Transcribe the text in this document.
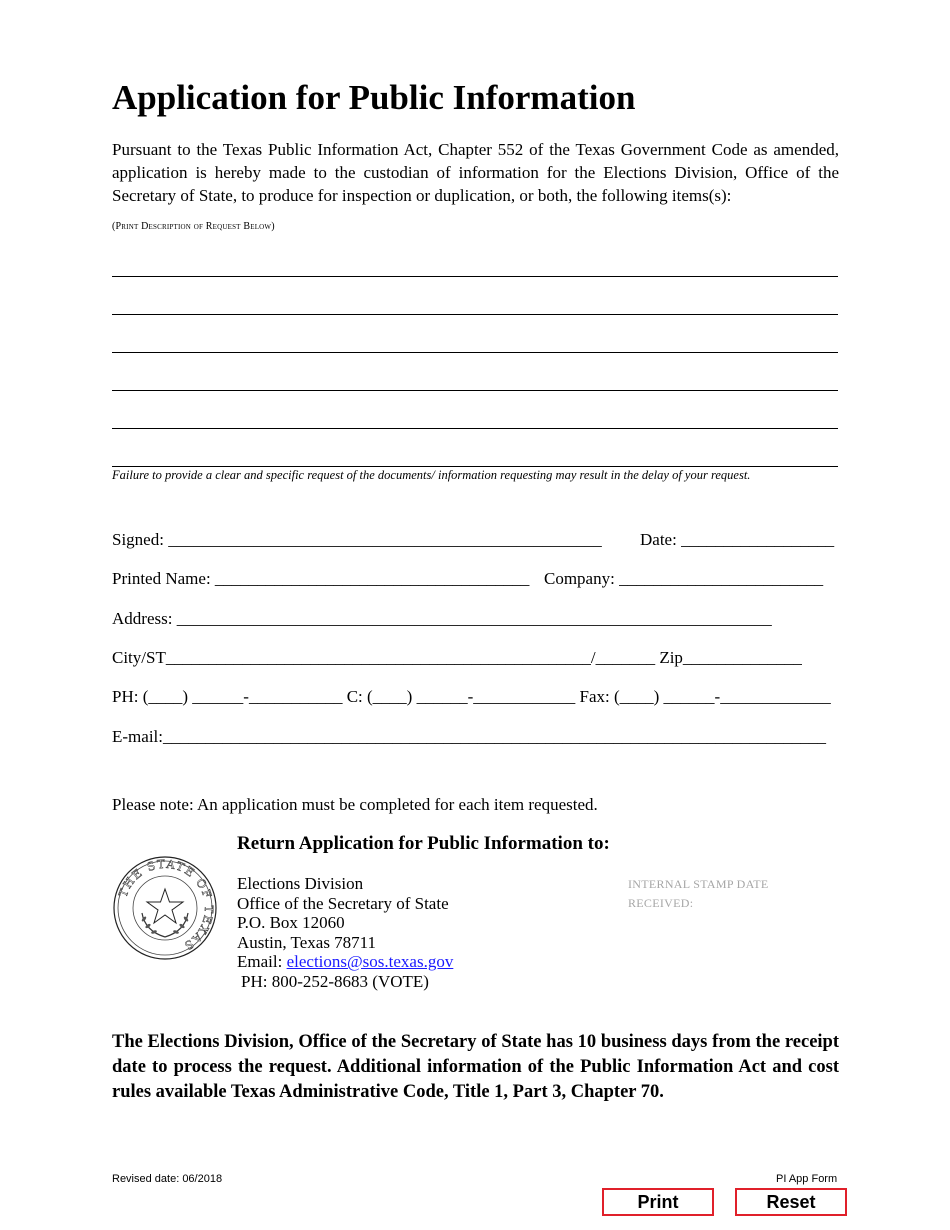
Application for Public Information
Pursuant to the Texas Public Information Act, Chapter 552 of the Texas Government Code as amended, application is hereby made to the custodian of information for the Elections Division, Office of the Secretary of State, to produce for inspection or duplication, or both, the following items(s):
(Print Description of Request Below)
Failure to provide a clear and specific request of the documents/ information requesting may result in the delay of your request.
Signed: ___________________________________________________ Date: __________________
Printed Name: _____________________________________ Company: ________________________
Address: ______________________________________________________________________
City/ST__________________________________________________/_______ Zip______________
PH: (____) ______-___________ C: (____) ______-____________ Fax: (____) ______-_____________
E-mail:______________________________________________________________________________
Please note: An application must be completed for each item requested.
Return Application for Public Information to:
THE STATE OF TEXAS
Elections Division
Office of the Secretary of State
P.O. Box 12060
Austin, Texas 78711
Email: elections@sos.texas.gov
PH: 800-252-8683 (VOTE)
INTERNAL STAMP DATE
RECEIVED:
The Elections Division, Office of the Secretary of State has 10 business days from the receipt date to process the request. Additional information of the Public Information Act and cost rules available Texas Administrative Code, Title 1, Part 3, Chapter 70.
Revised date: 06/2018	PI App Form
Print	Reset
